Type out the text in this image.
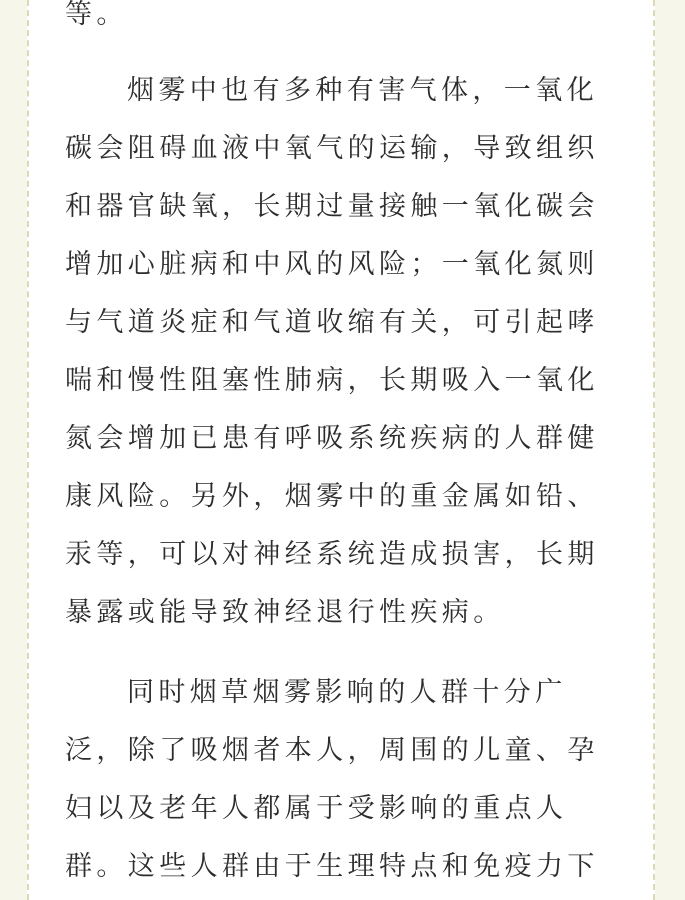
等。
烟雾中也有多种有害气体，一氧化
碳会阻碍血液中氧气的运输，导致组织
和器官缺氧，长期过量接触一氧化碳会
增加心脏病和中风的风险；一氧化氮则
与气道炎症和气道收缩有关，可引起哮
喘和慢性阻塞性肺病，长期吸入一氧化
氮会增加已患有呼吸系统疾病的人群健
康风险。另外，烟雾中的重金属如铅、
汞等，可以对神经系统造成损害，长期
暴露或能导致神经退行性疾病。
同时烟草烟雾影响的人群十分广
泛，除了吸烟者本人，周围的儿童、孕
妇以及老年人都属于受影响的重点人
群。这些人群由于生理特点和免疫力下
